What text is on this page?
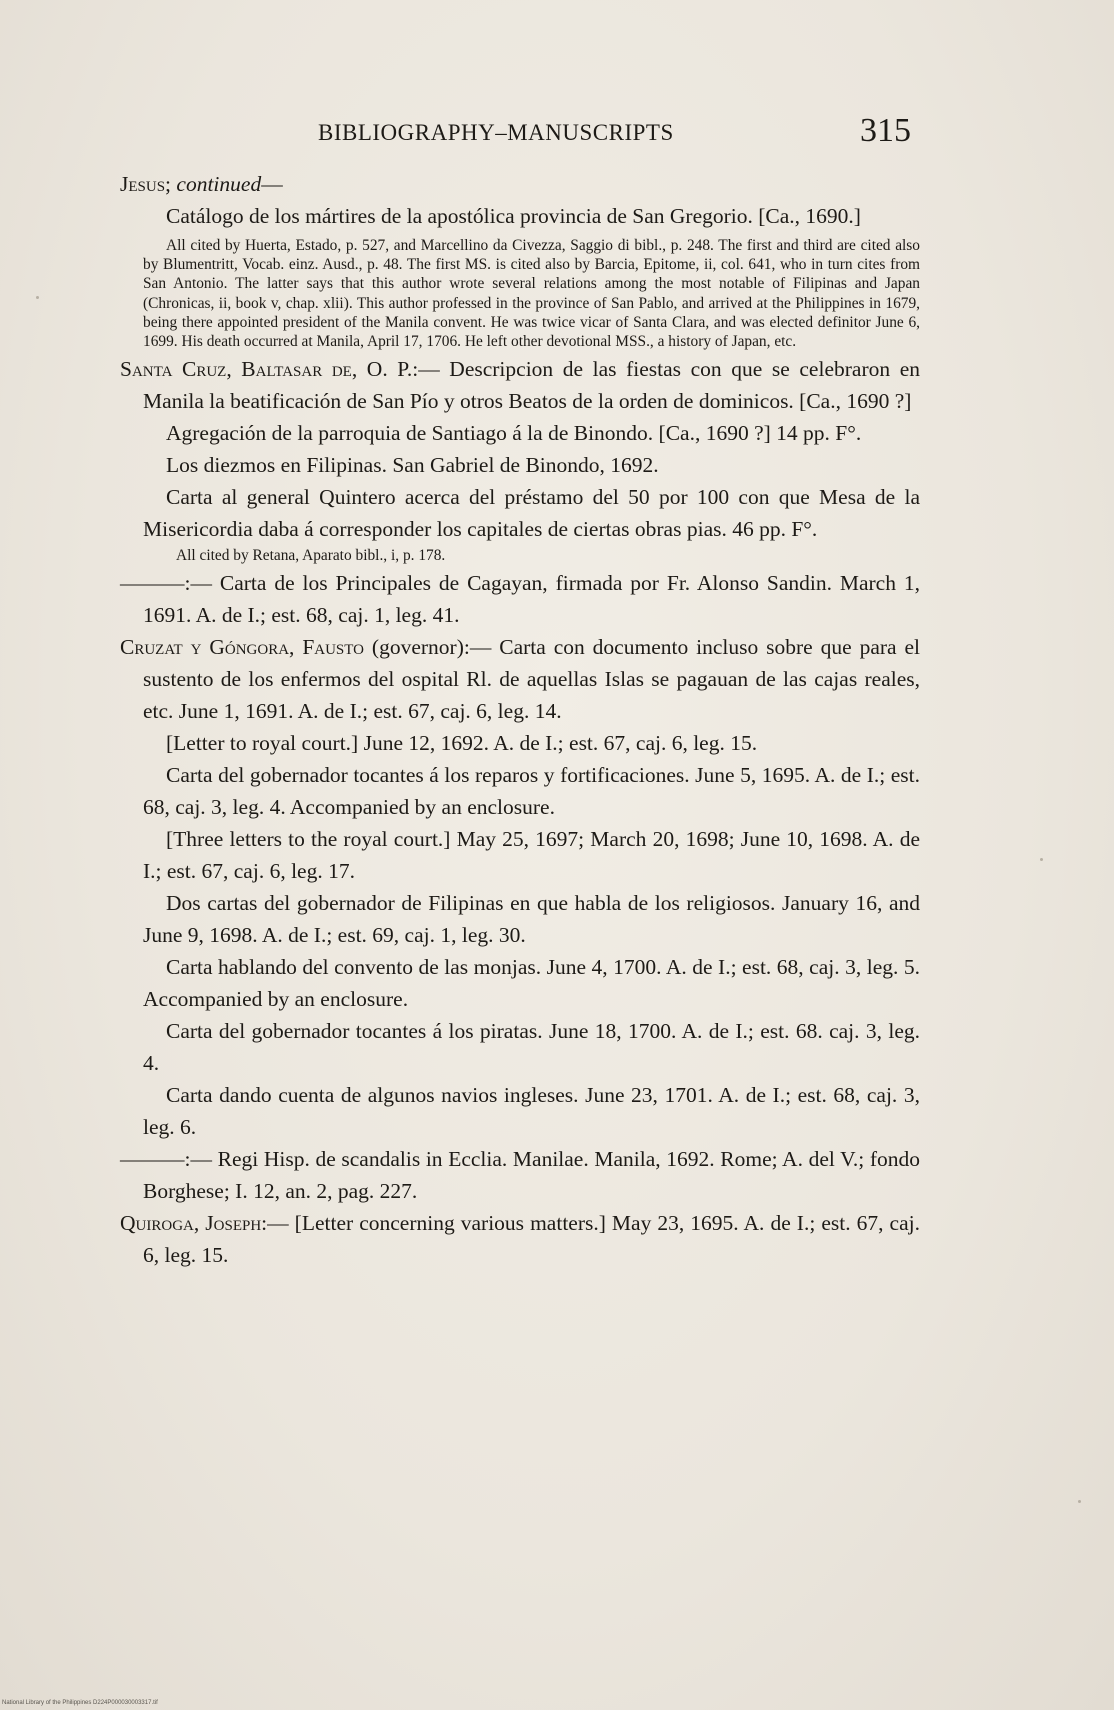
BIBLIOGRAPHY–MANUSCRIPTS	315
Jesus; continued—
Catálogo de los mártires de la apostólica provincia de San Gregorio. [Ca., 1690.]
All cited by Huerta, Estado, p. 527, and Marcellino da Civezza, Saggio di bibl., p. 248. The first and third are cited also by Blumentritt, Vocab. einz. Ausd., p. 48. The first MS. is cited also by Barcia, Epitome, ii, col. 641, who in turn cites from San Antonio. The latter says that this author wrote several relations among the most notable of Filipinas and Japan (Chronicas, ii, book v, chap. xlii). This author professed in the province of San Pablo, and arrived at the Philippines in 1679, being there appointed president of the Manila convent. He was twice vicar of Santa Clara, and was elected definitor June 6, 1699. His death occurred at Manila, April 17, 1706. He left other devotional MSS., a history of Japan, etc.
Santa Cruz, Baltasar de, O. P.:— Descripcion de las fiestas con que se celebraron en Manila la beatificación de San Pío y otros Beatos de la orden de dominicos. [Ca., 1690 ?]
Agregación de la parroquia de Santiago á la de Binondo. [Ca., 1690 ?] 14 pp. F°.
Los diezmos en Filipinas. San Gabriel de Binondo, 1692.
Carta al general Quintero acerca del préstamo del 50 por 100 con que Mesa de la Misericordia daba á corresponder los capitales de ciertas obras pias. 46 pp. F°.
All cited by Retana, Aparato bibl., i, p. 178.
———:— Carta de los Principales de Cagayan, firmada por Fr. Alonso Sandin. March 1, 1691. A. de I.; est. 68, caj. 1, leg. 41.
Cruzat y Góngora, Fausto (governor):— Carta con documento incluso sobre que para el sustento de los enfermos del ospital Rl. de aquellas Islas se pagauan de las cajas reales, etc. June 1, 1691. A. de I.; est. 67, caj. 6, leg. 14.
[Letter to royal court.] June 12, 1692. A. de I.; est. 67, caj. 6, leg. 15.
Carta del gobernador tocantes á los reparos y fortificaciones. June 5, 1695. A. de I.; est. 68, caj. 3, leg. 4. Accompanied by an enclosure.
[Three letters to the royal court.] May 25, 1697; March 20, 1698; June 10, 1698. A. de I.; est. 67, caj. 6, leg. 17.
Dos cartas del gobernador de Filipinas en que habla de los religiosos. January 16, and June 9, 1698. A. de I.; est. 69, caj. 1, leg. 30.
Carta hablando del convento de las monjas. June 4, 1700. A. de I.; est. 68, caj. 3, leg. 5. Accompanied by an enclosure.
Carta del gobernador tocantes á los piratas. June 18, 1700. A. de I.; est. 68. caj. 3, leg. 4.
Carta dando cuenta de algunos navios ingleses. June 23, 1701. A. de I.; est. 68, caj. 3, leg. 6.
———:— Regi Hisp. de scandalis in Ecclia. Manilae. Manila, 1692. Rome; A. del V.; fondo Borghese; I. 12, an. 2, pag. 227.
Quiroga, Joseph:— [Letter concerning various matters.] May 23, 1695. A. de I.; est. 67, caj. 6, leg. 15.
National Library of the Philippines D224P000030003317.tif
